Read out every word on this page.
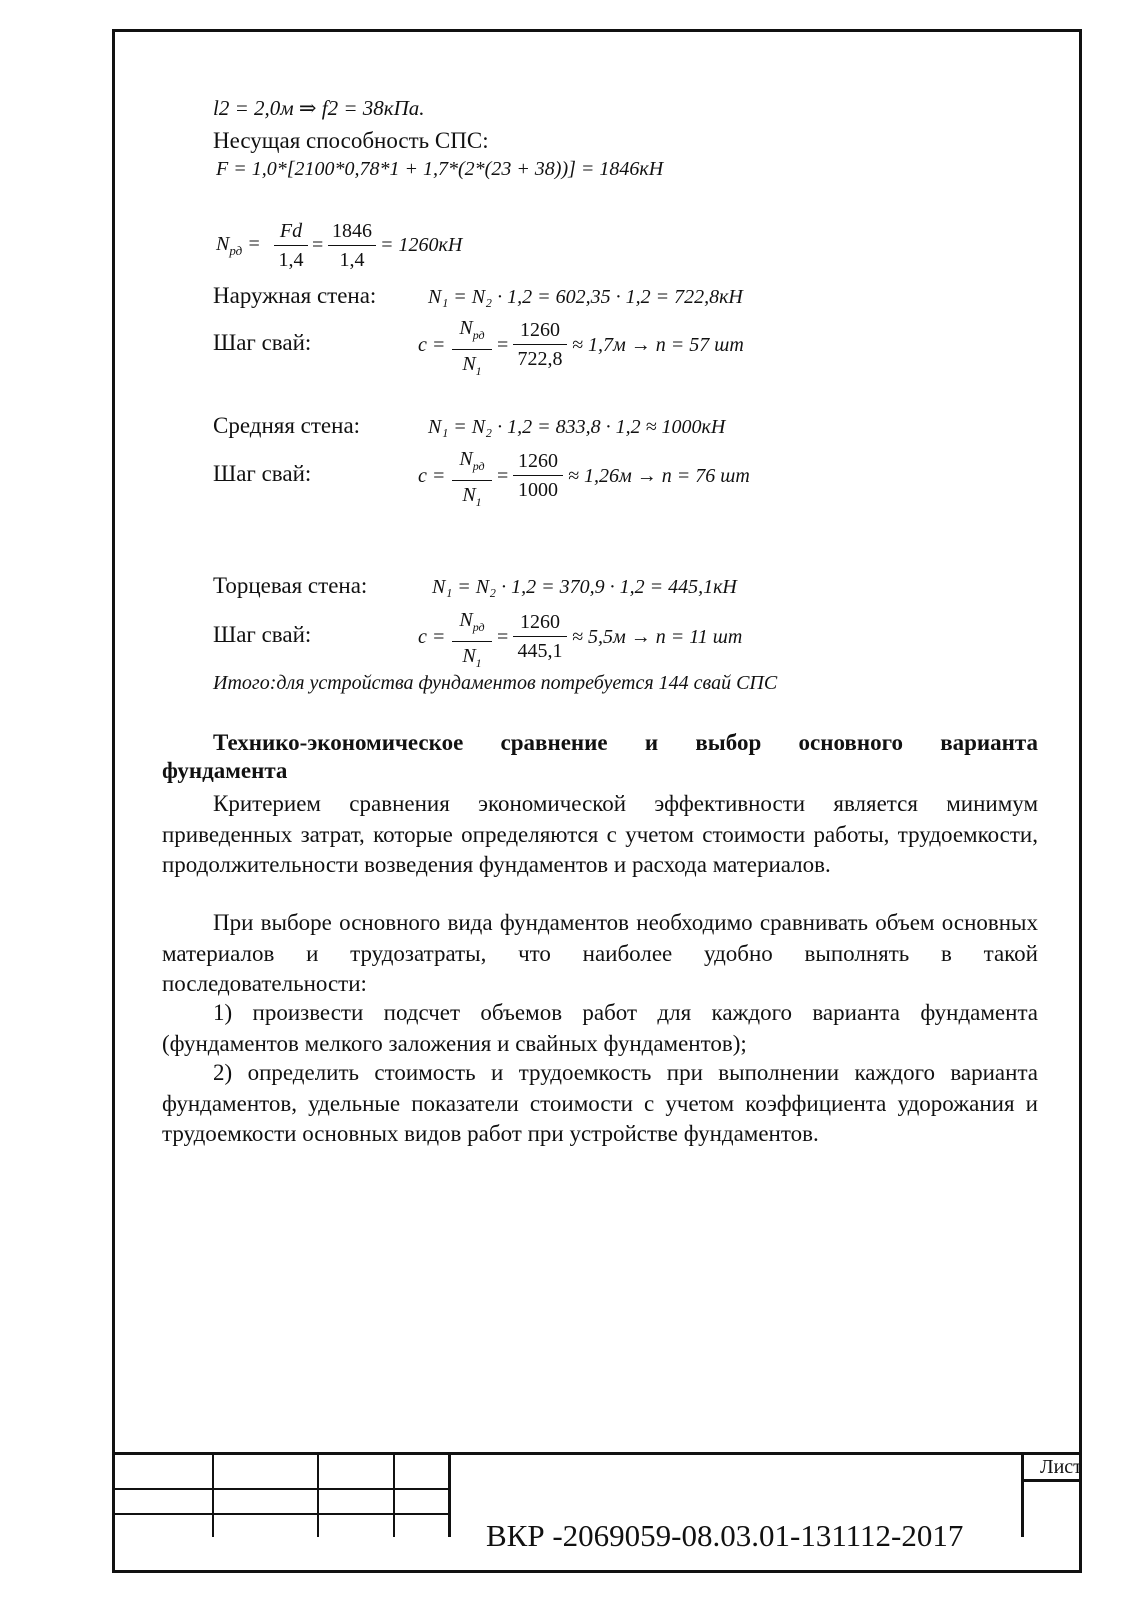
l2 = 2,0м ⇒ f2 = 38кПа.
Несущая способность СПС:
F = 1,0*[2100*0,78*1 + 1,7*(2*(23 + 38))] = 1846кН
$N_{рд}$ =
Fd
1,4
=
1846
1,4
= 1260кН
Наружная стена:	N₁ = N₂ · 1,2 = 602,35 · 1,2 = 722,8кН
Шаг свай:	c =
$N_{рд}$
$N_1$
=
1260
722,8
≈ 1,7м → n = 57 шт
Средняя стена:	N₁ = N₂ · 1,2 = 833,8 · 1,2 ≈ 1000кН
Шаг свай:	c =
$N_{рд}$
$N_1$
=
1260
1000
≈ 1,26м → n = 76 шт
Торцевая стена:	N₁ = N₂ · 1,2 = 370,9 · 1,2 = 445,1кН
Шаг свай:	c =
$N_{рд}$
$N_1$
=
1260
445,1
≈ 5,5м → n = 11 шт
Итого:для устройства фундаментов потребуется 144 свай СПС
Технико-экономическое сравнение и выбор основного варианта
фундамента
Критерием сравнения экономической эффективности является минимум приведенных затрат, которые определяются с учетом стоимости работы, трудоемкости, продолжительности возведения фундаментов и расхода материалов.
При выборе основного вида фундаментов необходимо сравнивать объем основных материалов и трудозатраты, что наиболее удобно выполнять в такой последовательности:
1) произвести подсчет объемов работ для каждого варианта фундамента (фундаментов мелкого заложения и свайных фундаментов);
2) определить стоимость и трудоемкость при выполнении каждого варианта фундаментов, удельные показатели стоимости с учетом коэффициента удорожания и трудоемкости основных видов работ при устройстве фундаментов.
ВКР -2069059-08.03.01-131112-2017
Лист
